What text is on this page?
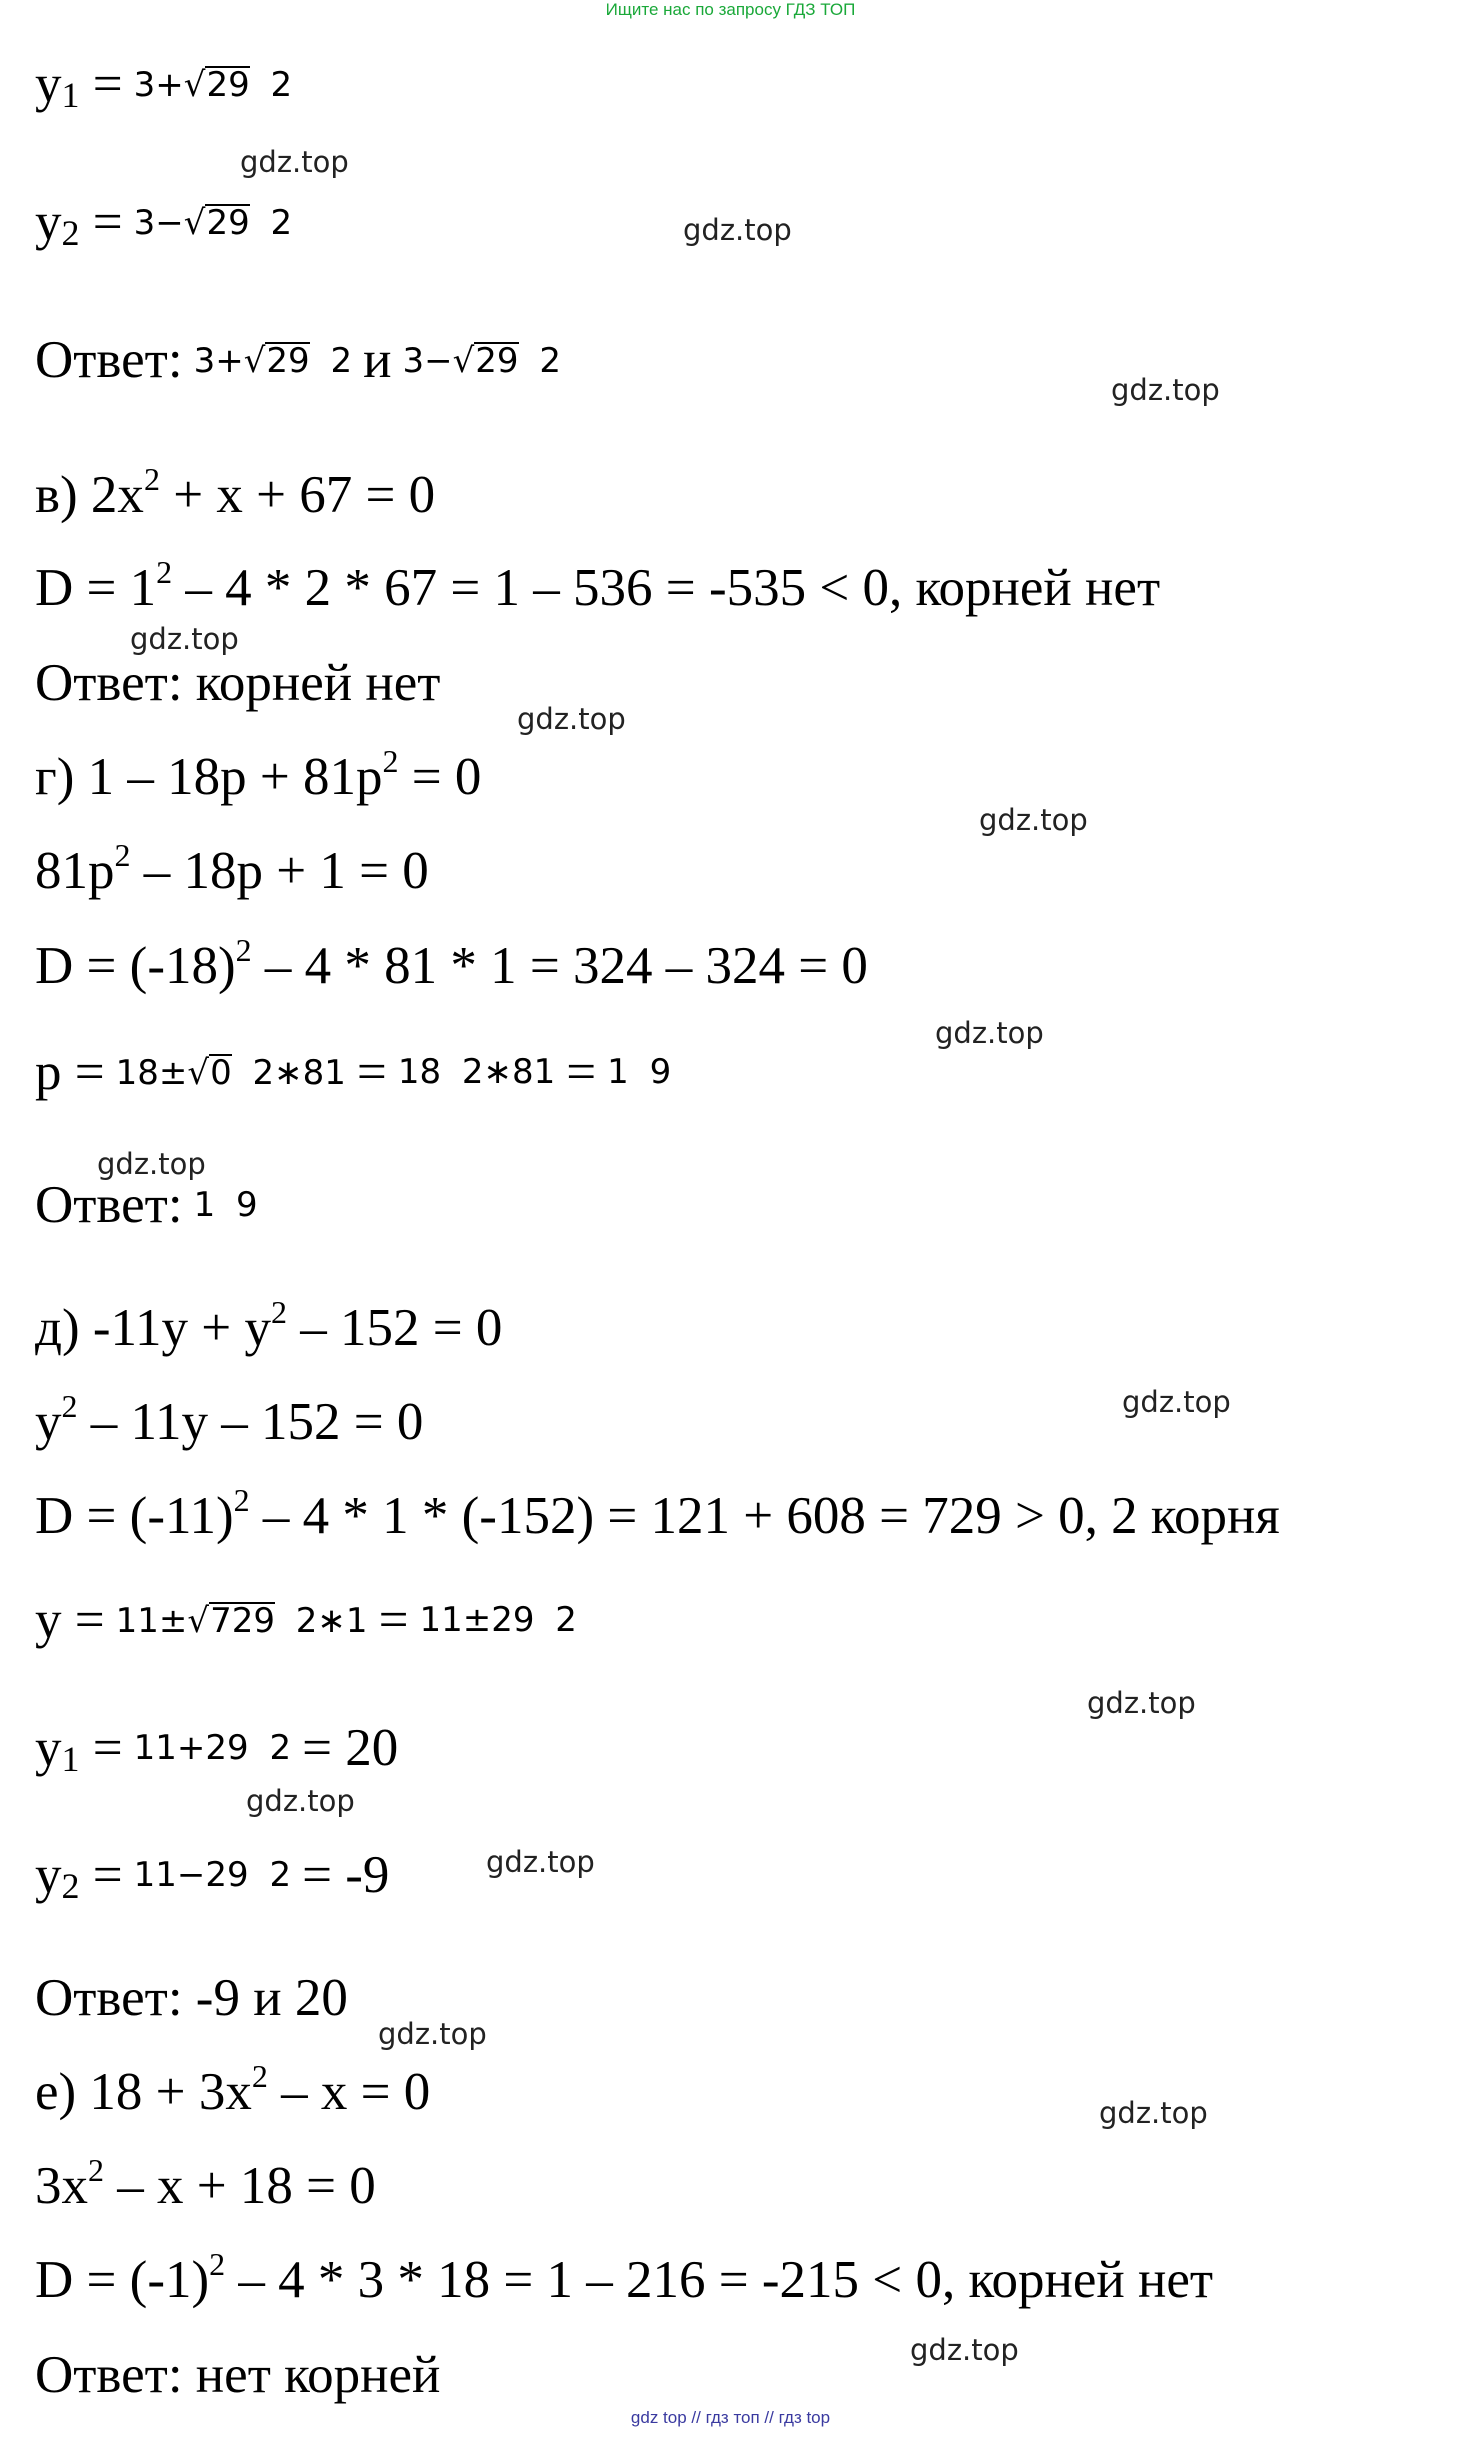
Ищите нас по запросу ГДЗ ТОП
$y_1 = 3+√29$ 2
$y_2 = 3-√29$ 2
Ответ: 3+√29 2 и 3−√29 2
в) $2x^2 + x + 67 = 0$
$D = 1^2 - 4 * 2 * 67 = 1 - 536 = -535 < 0$, корней нет
Ответ: корней нет
г) $1 - 18p + 81p^2 = 0$
$81p^2 - 18p + 1 = 0$
$D = (-18)^2 - 4 * 81 * 1 = 324 - 324 = 0$
p = 18±√0 2∗81 = 18 2∗81 = 1 9
Ответ: 1 9
д) $-11y + y^2 - 152 = 0$
$y^2 - 11y - 152 = 0$
$D = (-11)^2 - 4 * 1 * (-152) = 121 + 608 = 729 > 0$, 2 корня
y = 11±√729 2∗1 = 11±29 2
$y_1 = 11+29$ 2 = 20
$y_2 = 11-29$ 2 = -9
Ответ: -9 и 20
е) $18 + 3x^2 - x = 0$
$3x^2 - x + 18 = 0$
$D = (-1)^2 - 4 * 3 * 18 = 1 - 216 = -215 < 0$, корней нет
Ответ: нет корней
gdz.top
gdz.top
gdz.top
gdz.top
gdz.top
gdz.top
gdz.top
gdz.top
gdz.top
gdz.top
gdz.top
gdz.top
gdz.top
gdz.top
gdz.top
gdz top // гдз топ // гдз top
